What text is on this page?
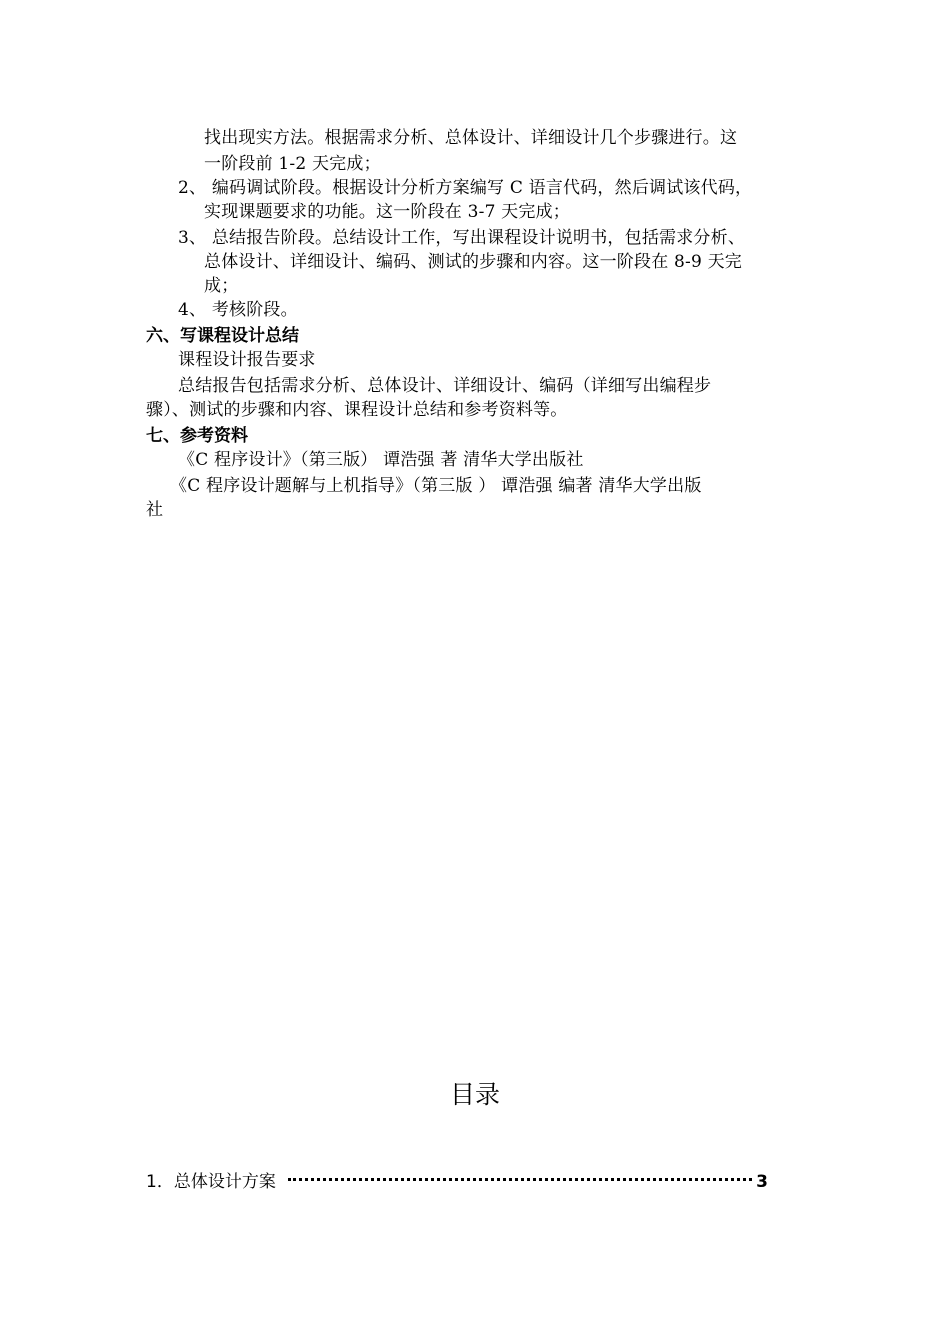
找出现实方法。根据需求分析、总体设计、详细设计几个步骤进行。这
一阶段前 1-2 天完成；
2、 编码调试阶段。根据设计分析方案编写 C 语言代码，然后调试该代码，
实现课题要求的功能。这一阶段在 3-7 天完成；
3、 总结报告阶段。总结设计工作，写出课程设计说明书，包括需求分析、
总体设计、详细设计、编码、测试的步骤和内容。这一阶段在 8-9 天完
成；
4、 考核阶段。
六、写课程设计总结
课程设计报告要求
总结报告包括需求分析、总体设计、详细设计、编码（详细写出编程步
骤）、测试的步骤和内容、课程设计总结和参考资料等。
七、参考资料
《C 程序设计》（第三版） 谭浩强 著 清华大学出版社
《C 程序设计题解与上机指导》（第三版 ） 谭浩强 编著 清华大学出版
社
目录
1．总体设计方案	3
